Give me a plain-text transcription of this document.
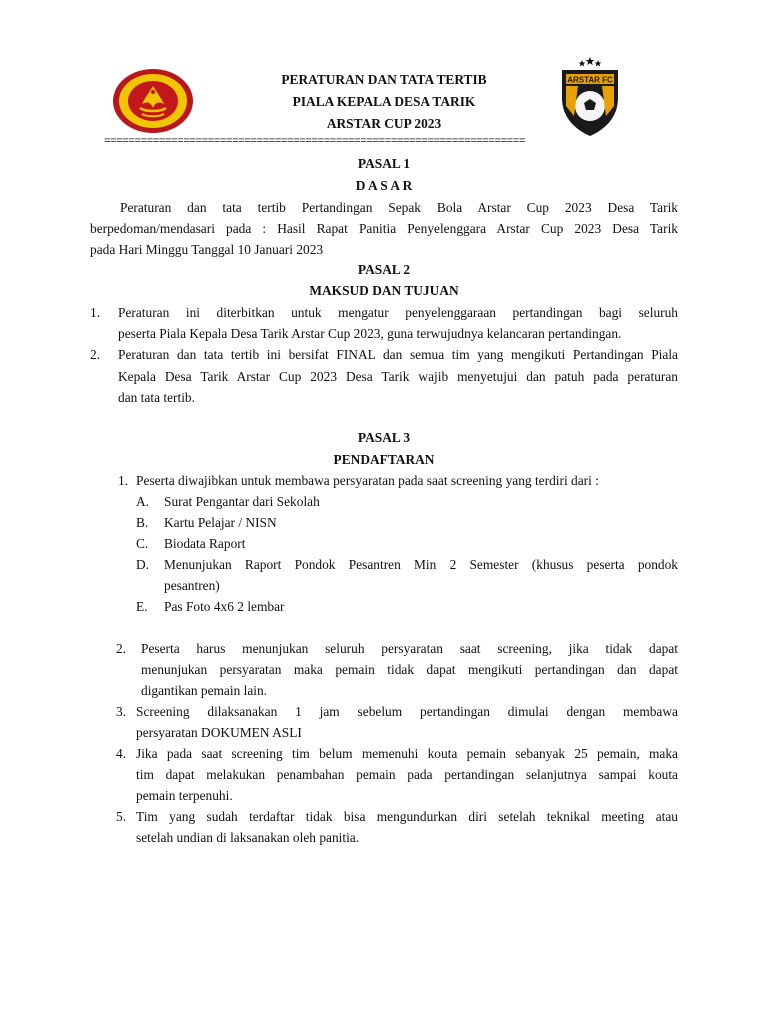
ARSTAR FC
PERATURAN DAN TATA TERTIB
PIALA KEPALA DESA TARIK
ARSTAR CUP 2023
=====================================================================
PASAL 1
D A S A R
Peraturan dan tata tertib Pertandingan Sepak Bola Arstar Cup 2023 Desa Tarik
berpedoman/mendasari pada : Hasil Rapat Panitia Penyelenggara Arstar Cup 2023 Desa Tarik
pada Hari Minggu Tanggal 10 Januari 2023
PASAL 2
MAKSUD DAN TUJUAN
1. Peraturan ini diterbitkan untuk mengatur penyelenggaraan pertandingan bagi seluruh
peserta Piala Kepala Desa Tarik Arstar Cup 2023, guna terwujudnya kelancaran pertandingan.
2. Peraturan dan tata tertib ini bersifat FINAL dan semua tim yang mengikuti Pertandingan Piala
Kepala Desa Tarik Arstar Cup 2023 Desa Tarik wajib menyetujui dan patuh pada peraturan
dan tata tertib.
PASAL 3
PENDAFTARAN
1. Peserta diwajibkan untuk membawa persyaratan pada saat screening yang terdiri dari :
A. Surat Pengantar dari Sekolah
B. Kartu Pelajar / NISN
C. Biodata Raport
D. Menunjukan Raport Pondok Pesantren Min 2 Semester (khusus peserta pondok
pesantren)
E. Pas Foto 4x6 2 lembar
2. Peserta harus menunjukan seluruh persyaratan saat screening, jika tidak dapat
menunjukan persyaratan maka pemain tidak dapat mengikuti pertandingan dan dapat
digantikan pemain lain.
3. Screening dilaksanakan 1 jam sebelum pertandingan dimulai dengan membawa
persyaratan DOKUMEN ASLI
4. Jika pada saat screening tim belum memenuhi kouta pemain sebanyak 25 pemain, maka
tim dapat melakukan penambahan pemain pada pertandingan selanjutnya sampai kouta
pemain terpenuhi.
5. Tim yang sudah terdaftar tidak bisa mengundurkan diri setelah teknikal meeting atau
setelah undian di laksanakan oleh panitia.
